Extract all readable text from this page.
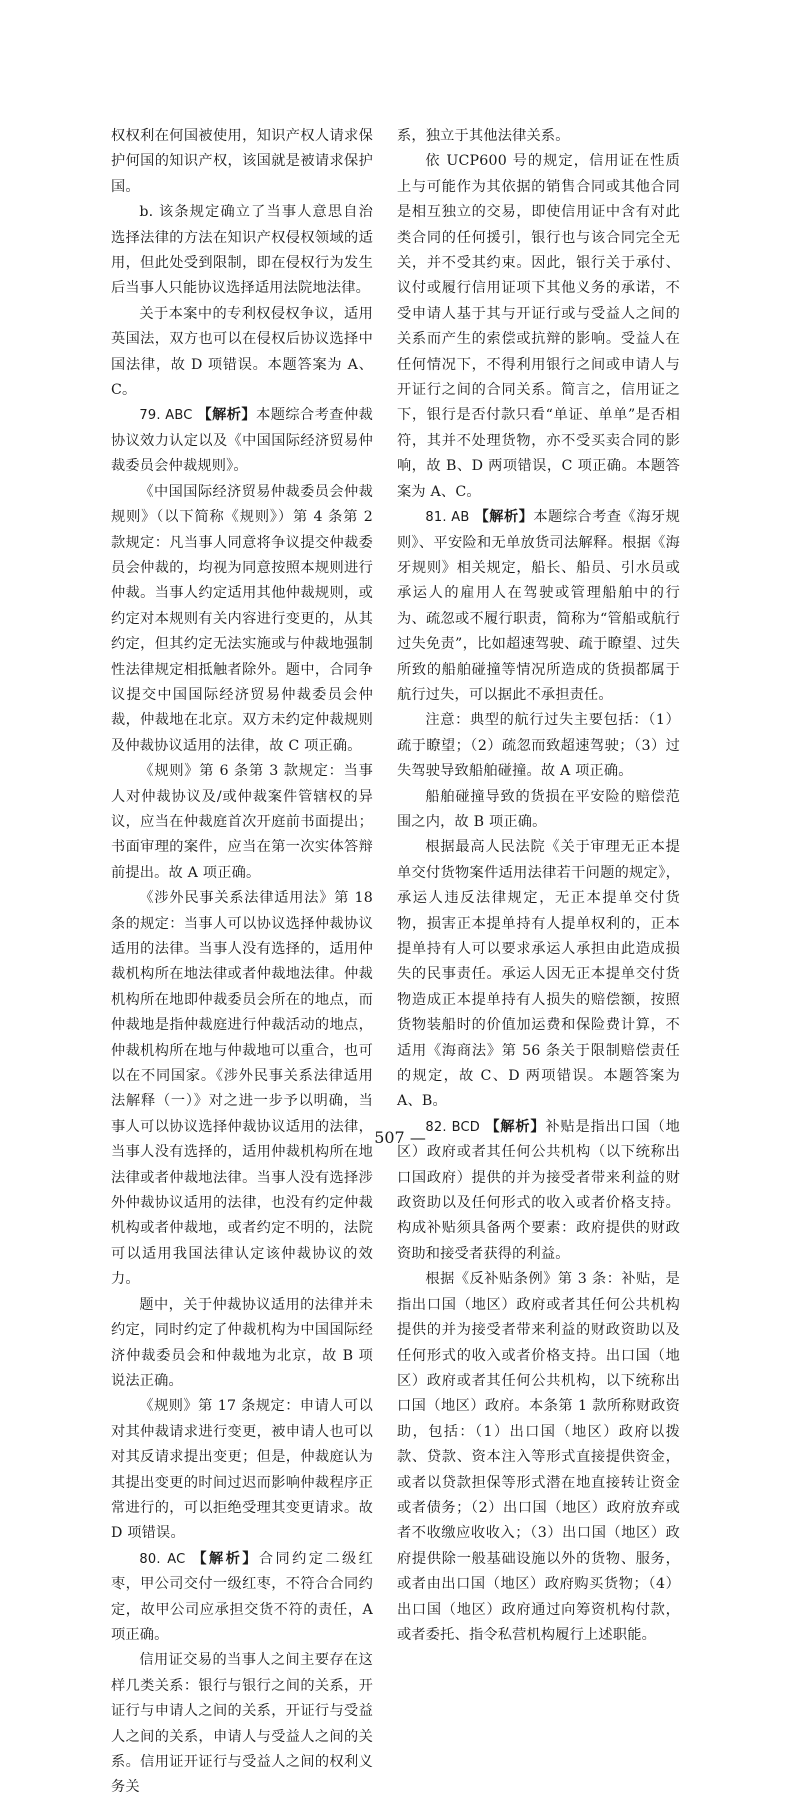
权权利在何国被使用，知识产权人请求保护何国的知识产权，该国就是被请求保护国。

b. 该条规定确立了当事人意思自治选择法律的方法在知识产权侵权领域的适用，但此处受到限制，即在侵权行为发生后当事人只能协议选择适用法院地法律。

关于本案中的专利权侵权争议，适用英国法，双方也可以在侵权后协议选择中国法律，故 D 项错误。本题答案为 A、C。

79. ABC 【解析】本题综合考查仲裁协议效力认定以及《中国国际经济贸易仲裁委员会仲裁规则》。

《中国国际经济贸易仲裁委员会仲裁规则》（以下简称《规则》）第 4 条第 2 款规定：凡当事人同意将争议提交仲裁委员会仲裁的，均视为同意按照本规则进行仲裁。当事人约定适用其他仲裁规则，或约定对本规则有关内容进行变更的，从其约定，但其约定无法实施或与仲裁地强制性法律规定相抵触者除外。题中，合同争议提交中国国际经济贸易仲裁委员会仲裁，仲裁地在北京。双方未约定仲裁规则及仲裁协议适用的法律，故 C 项正确。

《规则》第 6 条第 3 款规定：当事人对仲裁协议及/或仲裁案件管辖权的异议，应当在仲裁庭首次开庭前书面提出；书面审理的案件，应当在第一次实体答辩前提出。故 A 项正确。

《涉外民事关系法律适用法》第 18 条的规定：当事人可以协议选择仲裁协议适用的法律。当事人没有选择的，适用仲裁机构所在地法律或者仲裁地法律。仲裁机构所在地即仲裁委员会所在的地点，而仲裁地是指仲裁庭进行仲裁活动的地点，仲裁机构所在地与仲裁地可以重合，也可以在不同国家。《涉外民事关系法律适用法解释（一）》对之进一步予以明确，当事人可以协议选择仲裁协议适用的法律，当事人没有选择的，适用仲裁机构所在地法律或者仲裁地法律。当事人没有选择涉外仲裁协议适用的法律，也没有约定仲裁机构或者仲裁地，或者约定不明的，法院可以适用我国法律认定该仲裁协议的效力。

题中，关于仲裁协议适用的法律并未约定，同时约定了仲裁机构为中国国际经济仲裁委员会和仲裁地为北京，故 B 项说法正确。

《规则》第 17 条规定：申请人可以对其仲裁请求进行变更，被申请人也可以对其反请求提出变更；但是，仲裁庭认为其提出变更的时间过迟而影响仲裁程序正常进行的，可以拒绝受理其变更请求。故 D 项错误。

80. AC 【解析】合同约定二级红枣，甲公司交付一级红枣，不符合合同约定，故甲公司应承担交货不符的责任，A 项正确。

信用证交易的当事人之间主要存在这样几类关系：银行与银行之间的关系，开证行与申请人之间的关系，开证行与受益人之间的关系，申请人与受益人之间的关系。信用证开证行与受益人之间的权利义务关

系，独立于其他法律关系。

依 UCP600 号的规定，信用证在性质上与可能作为其依据的销售合同或其他合同是相互独立的交易，即使信用证中含有对此类合同的任何援引，银行也与该合同完全无关，并不受其约束。因此，银行关于承付、议付或履行信用证项下其他义务的承诺，不受申请人基于其与开证行或与受益人之间的关系而产生的索偿或抗辩的影响。受益人在任何情况下，不得利用银行之间或申请人与开证行之间的合同关系。简言之，信用证之下，银行是否付款只看“单证、单单”是否相符，其并不处理货物，亦不受买卖合同的影响，故 B、D 两项错误，C 项正确。本题答案为 A、C。

81. AB 【解析】本题综合考查《海牙规则》、平安险和无单放货司法解释。根据《海牙规则》相关规定，船长、船员、引水员或承运人的雇用人在驾驶或管理船舶中的行为、疏忽或不履行职责，简称为“管船或航行过失免责”，比如超速驾驶、疏于瞭望、过失所致的船舶碰撞等情况所造成的货损都属于航行过失，可以据此不承担责任。

注意：典型的航行过失主要包括：（1）疏于瞭望；（2）疏忽而致超速驾驶；（3）过失驾驶导致船舶碰撞。故 A 项正确。

船舶碰撞导致的货损在平安险的赔偿范围之内，故 B 项正确。

根据最高人民法院《关于审理无正本提单交付货物案件适用法律若干问题的规定》，承运人违反法律规定，无正本提单交付货物，损害正本提单持有人提单权利的，正本提单持有人可以要求承运人承担由此造成损失的民事责任。承运人因无正本提单交付货物造成正本提单持有人损失的赔偿额，按照货物装船时的价值加运费和保险费计算，不适用《海商法》第 56 条关于限制赔偿责任的规定，故 C、D 两项错误。本题答案为 A、B。

82. BCD 【解析】补贴是指出口国（地区）政府或者其任何公共机构（以下统称出口国政府）提供的并为接受者带来利益的财政资助以及任何形式的收入或者价格支持。构成补贴须具备两个要素：政府提供的财政资助和接受者获得的利益。

根据《反补贴条例》第 3 条：补贴，是指出口国（地区）政府或者其任何公共机构提供的并为接受者带来利益的财政资助以及任何形式的收入或者价格支持。出口国（地区）政府或者其任何公共机构，以下统称出口国（地区）政府。本条第 1 款所称财政资助，包括：（1）出口国（地区）政府以拨款、贷款、资本注入等形式直接提供资金，或者以贷款担保等形式潜在地直接转让资金或者债务；（2）出口国（地区）政府放弃或者不收缴应收收入；（3）出口国（地区）政府提供除一般基础设施以外的货物、服务，或者由出口国（地区）政府购买货物；（4）出口国（地区）政府通过向筹资机构付款，或者委托、指令私营机构履行上述职能。

507 —
